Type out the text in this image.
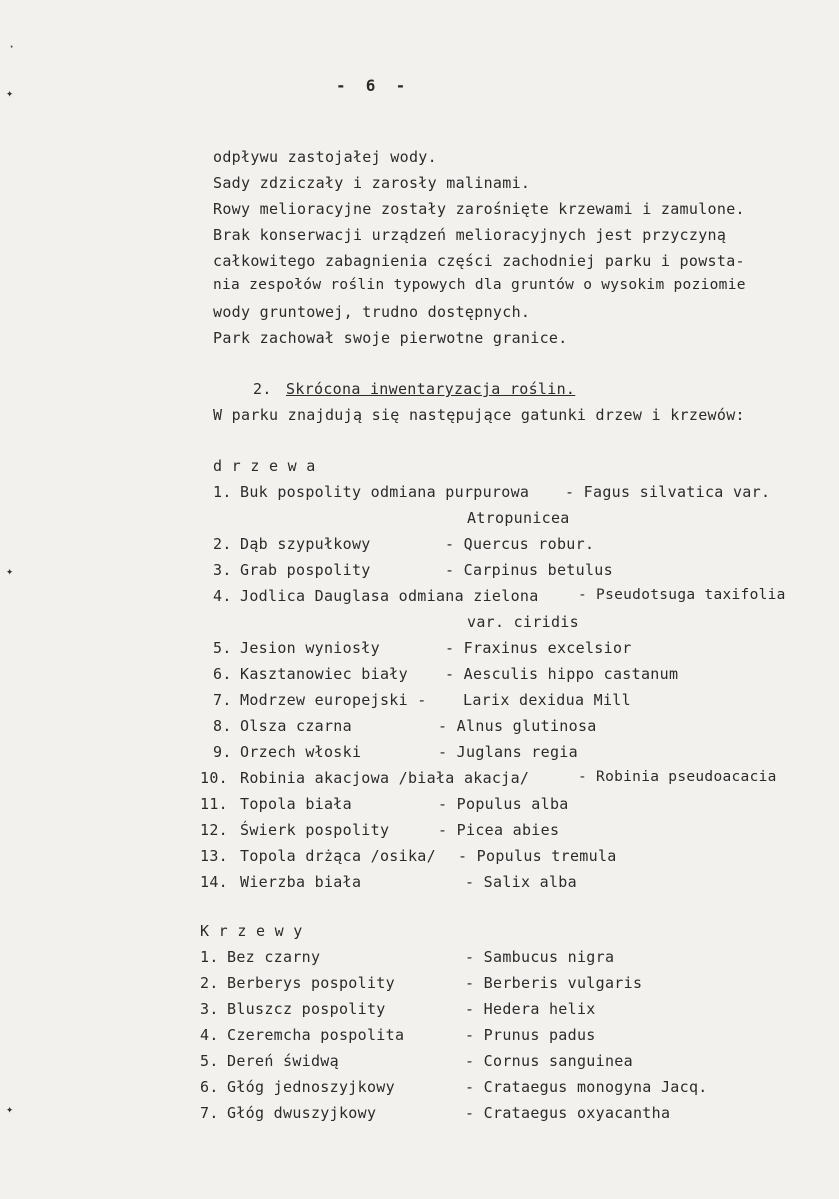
·
✦
✦
✦
-  6  -
odpływu zastojałej wody.
Sady zdziczały i zarosły malinami.
Rowy melioracyjne zostały zarośnięte krzewami i zamulone.
Brak konserwacji urządzeń melioracyjnych jest przyczyną
całkowitego zabagnienia części zachodniej parku i powsta-
nia zespołów roślin typowych dla gruntów o wysokim poziomie
wody gruntowej, trudno dostępnych.
Park zachował swoje pierwotne granice.
2. Skrócona inwentaryzacja roślin.
W parku znajdują się następujące gatunki drzew i krzewów:
d r z e w a
1. Buk pospolity odmiana purpurowa - Fagus silvatica var.
Atropunicea
2. Dąb szypułkowy	- Quercus robur.
3. Grab pospolity	- Carpinus betulus
4. Jodlica Dauglasa odmiana zielona	- Pseudotsuga taxifolia
var. ciridis
5. Jesion wyniosły	- Fraxinus excelsior
6. Kasztanowiec biały - Aesculis hippo castanum
7. Modrzew europejski - Larix dexidua Mill
8. Olsza czarna	- Alnus glutinosa
9. Orzech włoski	- Juglans regia
10. Robinia akacjowa /biała akacja/	- Robinia pseudoacacia
11. Topola biała	- Populus alba
12. Świerk pospolity	- Picea abies
13. Topola drżąca /osika/ - Populus tremula
14. Wierzba biała	- Salix alba
K r z e w y
1. Bez czarny	- Sambucus nigra
2. Berberys pospolity	- Berberis vulgaris
3. Bluszcz pospolity	- Hedera helix
4. Czeremcha pospolita	- Prunus padus
5. Dereń świdwą	- Cornus sanguinea
6. Głóg jednoszyjkowy	- Crataegus monogyna Jacq.
7. Głóg dwuszyjkowy	- Crataegus oxyacantha
